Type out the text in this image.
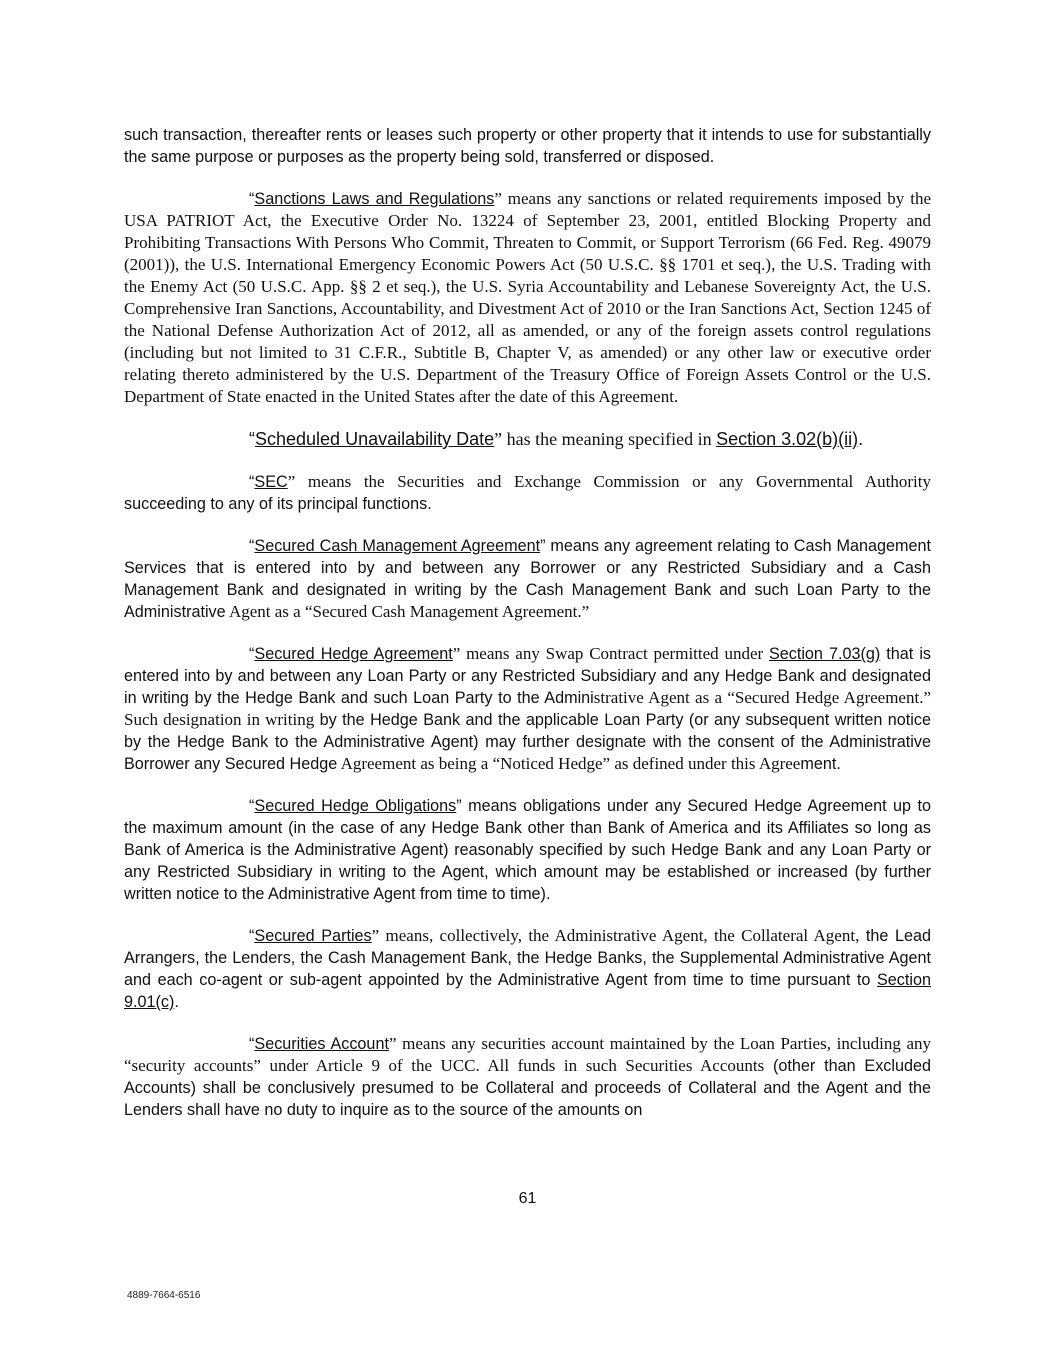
such transaction, thereafter rents or leases such property or other property that it intends to use for substantially the same purpose or purposes as the property being sold, transferred or disposed.

“Sanctions Laws and Regulations” means any sanctions or related requirements imposed by the USA PATRIOT Act, the Executive Order No. 13224 of September 23, 2001, entitled Blocking Property and Prohibiting Transactions With Persons Who Commit, Threaten to Commit, or Support Terrorism (66 Fed. Reg. 49079 (2001)), the U.S. International Emergency Economic Powers Act (50 U.S.C. §§ 1701 et seq.), the U.S. Trading with the Enemy Act (50 U.S.C. App. §§ 2 et seq.), the U.S. Syria Accountability and Lebanese Sovereignty Act, the U.S. Comprehensive Iran Sanctions, Accountability, and Divestment Act of 2010 or the Iran Sanctions Act, Section 1245 of the National Defense Authorization Act of 2012, all as amended, or any of the foreign assets control regulations (including but not limited to 31 C.F.R., Subtitle B, Chapter V, as amended) or any other law or executive order relating thereto administered by the U.S. Department of the Treasury Office of Foreign Assets Control or the U.S. Department of State enacted in the United States after the date of this Agreement.

“Scheduled Unavailability Date” has the meaning specified in Section 3.02(b)(ii).

“SEC” means the Securities and Exchange Commission or any Governmental Authority succeeding to any of its principal functions.

“Secured Cash Management Agreement” means any agreement relating to Cash Management Services that is entered into by and between any Borrower or any Restricted Subsidiary and a Cash Management Bank and designated in writing by the Cash Management Bank and such Loan Party to the Administrative Agent as a “Secured Cash Management Agreement.”

“Secured Hedge Agreement” means any Swap Contract permitted under Section 7.03(g) that is entered into by and between any Loan Party or any Restricted Subsidiary and any Hedge Bank and designated in writing by the Hedge Bank and such Loan Party to the Administrative Agent as a “Secured Hedge Agreement.” Such designation in writing by the Hedge Bank and the applicable Loan Party (or any subsequent written notice by the Hedge Bank to the Administrative Agent) may further designate with the consent of the Administrative Borrower any Secured Hedge Agreement as being a “Noticed Hedge” as defined under this Agreement.

“Secured Hedge Obligations” means obligations under any Secured Hedge Agreement up to the maximum amount (in the case of any Hedge Bank other than Bank of America and its Affiliates so long as Bank of America is the Administrative Agent) reasonably specified by such Hedge Bank and any Loan Party or any Restricted Subsidiary in writing to the Agent, which amount may be established or increased (by further written notice to the Administrative Agent from time to time).

“Secured Parties” means, collectively, the Administrative Agent, the Collateral Agent, the Lead Arrangers, the Lenders, the Cash Management Bank, the Hedge Banks, the Supplemental Administrative Agent and each co-agent or sub-agent appointed by the Administrative Agent from time to time pursuant to Section 9.01(c).

“Securities Account” means any securities account maintained by the Loan Parties, including any “security accounts” under Article 9 of the UCC. All funds in such Securities Accounts (other than Excluded Accounts) shall be conclusively presumed to be Collateral and proceeds of Collateral and the Agent and the Lenders shall have no duty to inquire as to the source of the amounts on

61
4889-7664-6516
